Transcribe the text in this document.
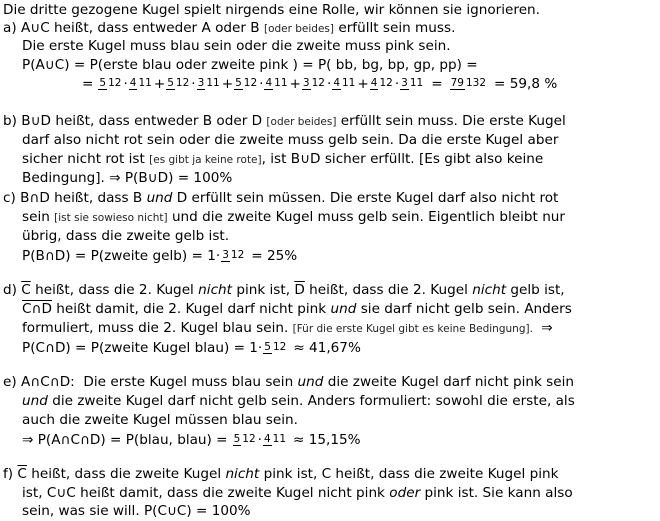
Die dritte gezogene Kugel spielt nirgends eine Rolle, wir können sie ignorieren.
a) A∪C heißt, dass entweder A oder B [oder beides] erfüllt sein muss.
Die erste Kugel muss blau sein oder die zweite muss pink sein.
P(A∪C) = P(erste blau oder zweite pink ) = P( bb, bg, bp, gp, pp) =
= 5 12 · 4 11 + 5 12 · 3 11 + 5 12 · 4 11 + 3 12 · 4 11 + 4 12 · 3 11 = 79 132 = 59,8 %
b) B∪D heißt, dass entweder B oder D [oder beides] erfüllt sein muss. Die erste Kugel
darf also nicht rot sein oder die zweite muss gelb sein. Da die erste Kugel aber
sicher nicht rot ist [es gibt ja keine rote], ist B∪D sicher erfüllt. [Es gibt also keine
Bedingung]. ⇒ P(B∪D) = 100%
c) B∩D heißt, dass B und D erfüllt sein müssen. Die erste Kugel darf also nicht rot
sein [ist sie sowieso nicht] und die zweite Kugel muss gelb sein. Eigentlich bleibt nur
übrig, dass die zweite gelb ist.
P(B∩D) = P(zweite gelb) = 1· 3 12 = 25%
d) $\overline{C}$ heißt, dass die 2. Kugel nicht pink ist, $\overline{D}$ heißt, dass die 2. Kugel nicht gelb ist,
C∩D heißt damit, die 2. Kugel darf nicht pink und sie darf nicht gelb sein. Anders
formuliert, muss die 2. Kugel blau sein. [Für die erste Kugel gibt es keine Bedingung]. ⇒
P(C∩D) = P(zweite Kugel blau) = 1· 5 12 ≈ 41,67%
e) A∩C∩D: Die erste Kugel muss blau sein und die zweite Kugel darf nicht pink sein
und die zweite Kugel darf nicht gelb sein. Anders formuliert: sowohl die erste, als
auch die zweite Kugel müssen blau sein.
⇒ P(A∩C∩D) = P(blau, blau) = 5 12 · 4 11 ≈ 15,15%
f) $\overline{C}$ heißt, dass die zweite Kugel nicht pink ist, C heißt, dass die zweite Kugel pink
ist, C∪C heißt damit, dass die zweite Kugel nicht pink oder pink ist. Sie kann also
sein, was sie will. P(C∪C) = 100%
